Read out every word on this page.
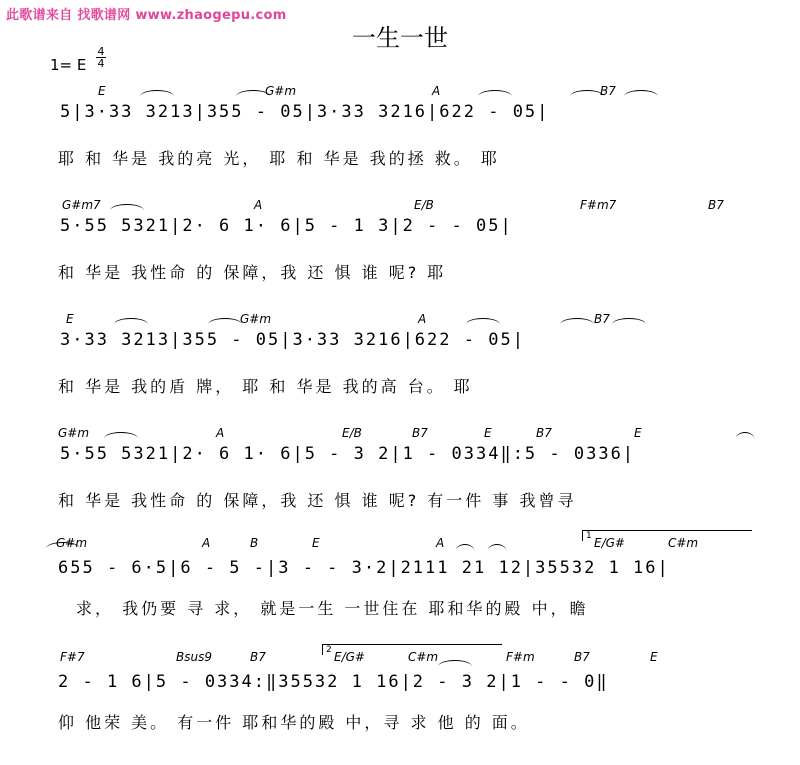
此歌谱来自 找歌谱网 www.zhaogepu.com
一生一世
1= E
4
4
E	G#m	A	B7
5|3·33 3213|355 - 05|3·33 3216|622 - 05|
耶 和 华是 我的亮 光， 耶 和 华是 我的拯 救。 耶
G#m7	A	E/B	F#m7	B7
5·55 5321|2· 6 1· 6|5 - 1 3|2 - - 05|
和 华是 我性命 的 保障，我 还 惧 谁 呢? 耶
E	G#m	A	B7
3·33 3213|355 - 05|3·33 3216|622 - 05|
和 华是 我的盾 牌， 耶 和 华是 我的高 台。 耶
G#m	A	E/B	B7	E	B7	E
5·55 5321|2· 6 1· 6|5 - 3 2|1 - 0334‖:5 - 0336|
和 华是 我性命 的 保障，我 还 惧 谁 呢? 有一件 事 我曾寻
1
G#m	A	B	E	A	E/G#	C#m
655 - 6·5|6 - 5 -|3 - - 3·2|2111 21 12|35532 1 16|
求， 我仍要 寻 求， 就是一生 一世住在 耶和华的殿 中，瞻
2
F#7	Bsus9	B7	E/G#	C#m	F#m	B7	E
2 - 1 6|5 - 0334:‖35532 1 16|2 - 3 2|1 - - 0‖
仰 他荣 美。 有一件 耶和华的殿 中，寻 求 他 的 面。
